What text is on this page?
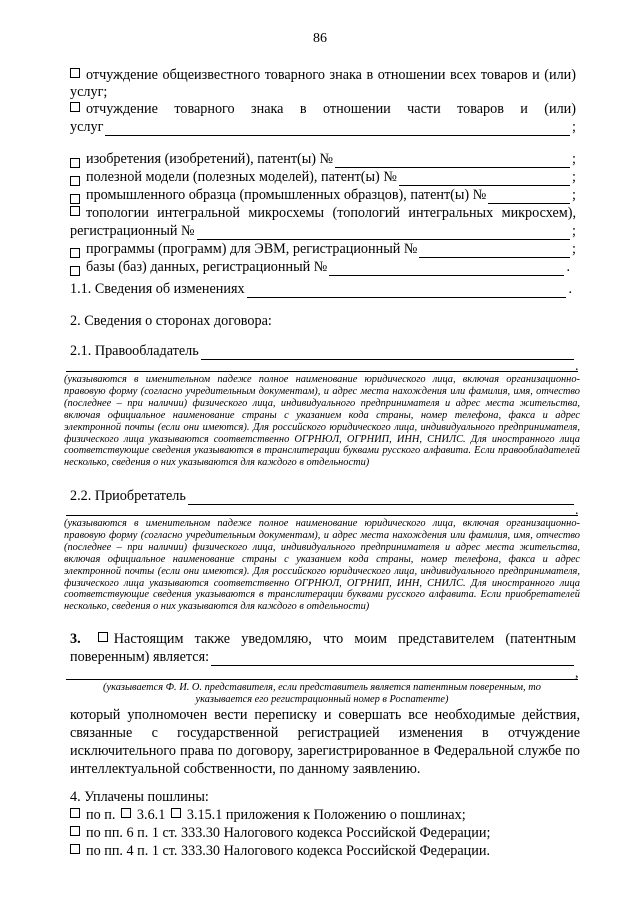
86
отчуждение общеизвестного товарного знака в отношении всех товаров и (или)
услуг;
отчуждение товарного знака в отношении части товаров и (или)
услуг	;
изобретения (изобретений), патент(ы) №	;
полезной модели (полезных моделей), патент(ы) №	;
промышленного образца (промышленных образцов), патент(ы) №	;
топологии интегральной микросхемы (топологий интегральных микросхем),
регистрационный №	;
программы (программ) для ЭВМ, регистрационный №	;
базы (баз) данных, регистрационный №	.
1.1. Сведения об изменениях	.
2. Сведения о сторонах договора:
2.1. Правообладатель
.
(указываются в именительном падеже полное наименование юридического лица, включая организационно-правовую форму (согласно учредительным документам), и адрес места нахождения или фамилия, имя, отчество (последнее – при наличии) физического лица, индивидуального предпринимателя и адрес места жительства, включая официальное наименование страны с указанием кода страны, номер телефона, факса и адрес электронной почты (если они имеются). Для российского юридического лица, индивидуального предпринимателя, физического лица указываются соответственно ОГРНЮЛ, ОГРНИП, ИНН, СНИЛС. Для иностранного лица соответствующие сведения указываются в транслитерации буквами русского алфавита. Если правообладателей несколько, сведения о них указываются для каждого в отдельности)
2.2. Приобретатель
.
(указываются в именительном падеже полное наименование юридического лица, включая организационно-правовую форму (согласно учредительным документам), и адрес места нахождения или фамилия, имя, отчество (последнее – при наличии) физического лица, индивидуального предпринимателя и адрес места жительства, включая официальное наименование страны с указанием кода страны, номер телефона, факса и адрес электронной почты (если они имеются). Для российского юридического лица, индивидуального предпринимателя, физического лица указываются соответственно ОГРНЮЛ, ОГРНИП, ИНН, СНИЛС. Для иностранного лица соответствующие сведения указываются в транслитерации буквами русского алфавита. Если приобретателей несколько, сведения о них указываются для каждого в отдельности)
3. Настоящим также уведомляю, что моим представителем (патентным
поверенным) является:
,
(указывается Ф. И. О. представителя, если представитель является патентным поверенным, то указывается его регистрационный номер в Роспатенте)
который уполномочен вести переписку и совершать все необходимые действия, связанные с государственной регистрацией изменения в отчуждение исключительного права по договору, зарегистрированное в Федеральной службе по интеллектуальной собственности, по данному заявлению.
4. Уплачены пошлины:
по п. 3.6.1 3.15.1 приложения к Положению о пошлинах;
по пп. 6 п. 1 ст. 333.30 Налогового кодекса Российской Федерации;
по пп. 4 п. 1 ст. 333.30 Налогового кодекса Российской Федерации.
